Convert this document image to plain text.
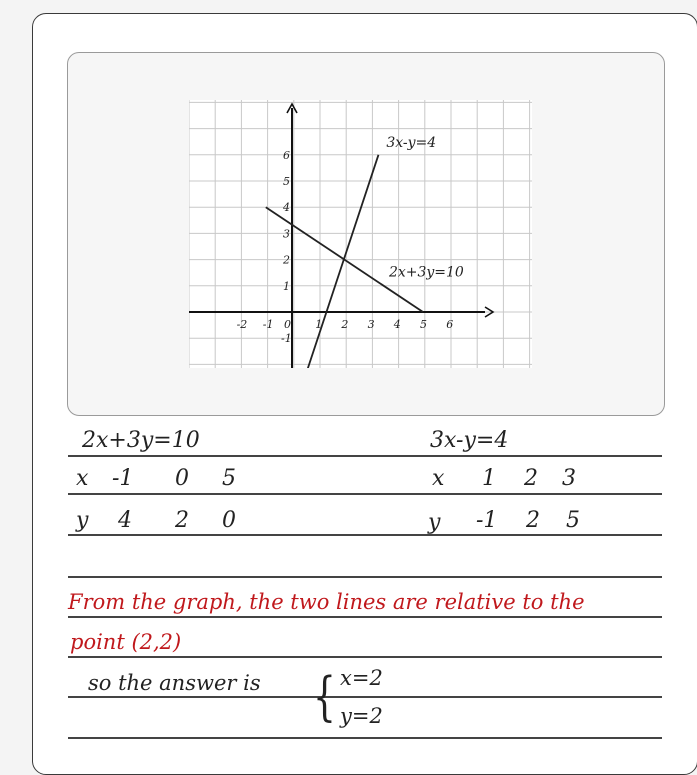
-2 -1 0 1 2 3 4 5 6
-1
1
2
3
4
5
6
3x-y=4
2x+3y=10
2x+3y=10
x -1 0 5
y 4 2 0
3x-y=4
x 1 2 3
y -1 2 5
From the graph, the two lines are relative to the
point (2,2)
so the answer is { x=2
y=2
